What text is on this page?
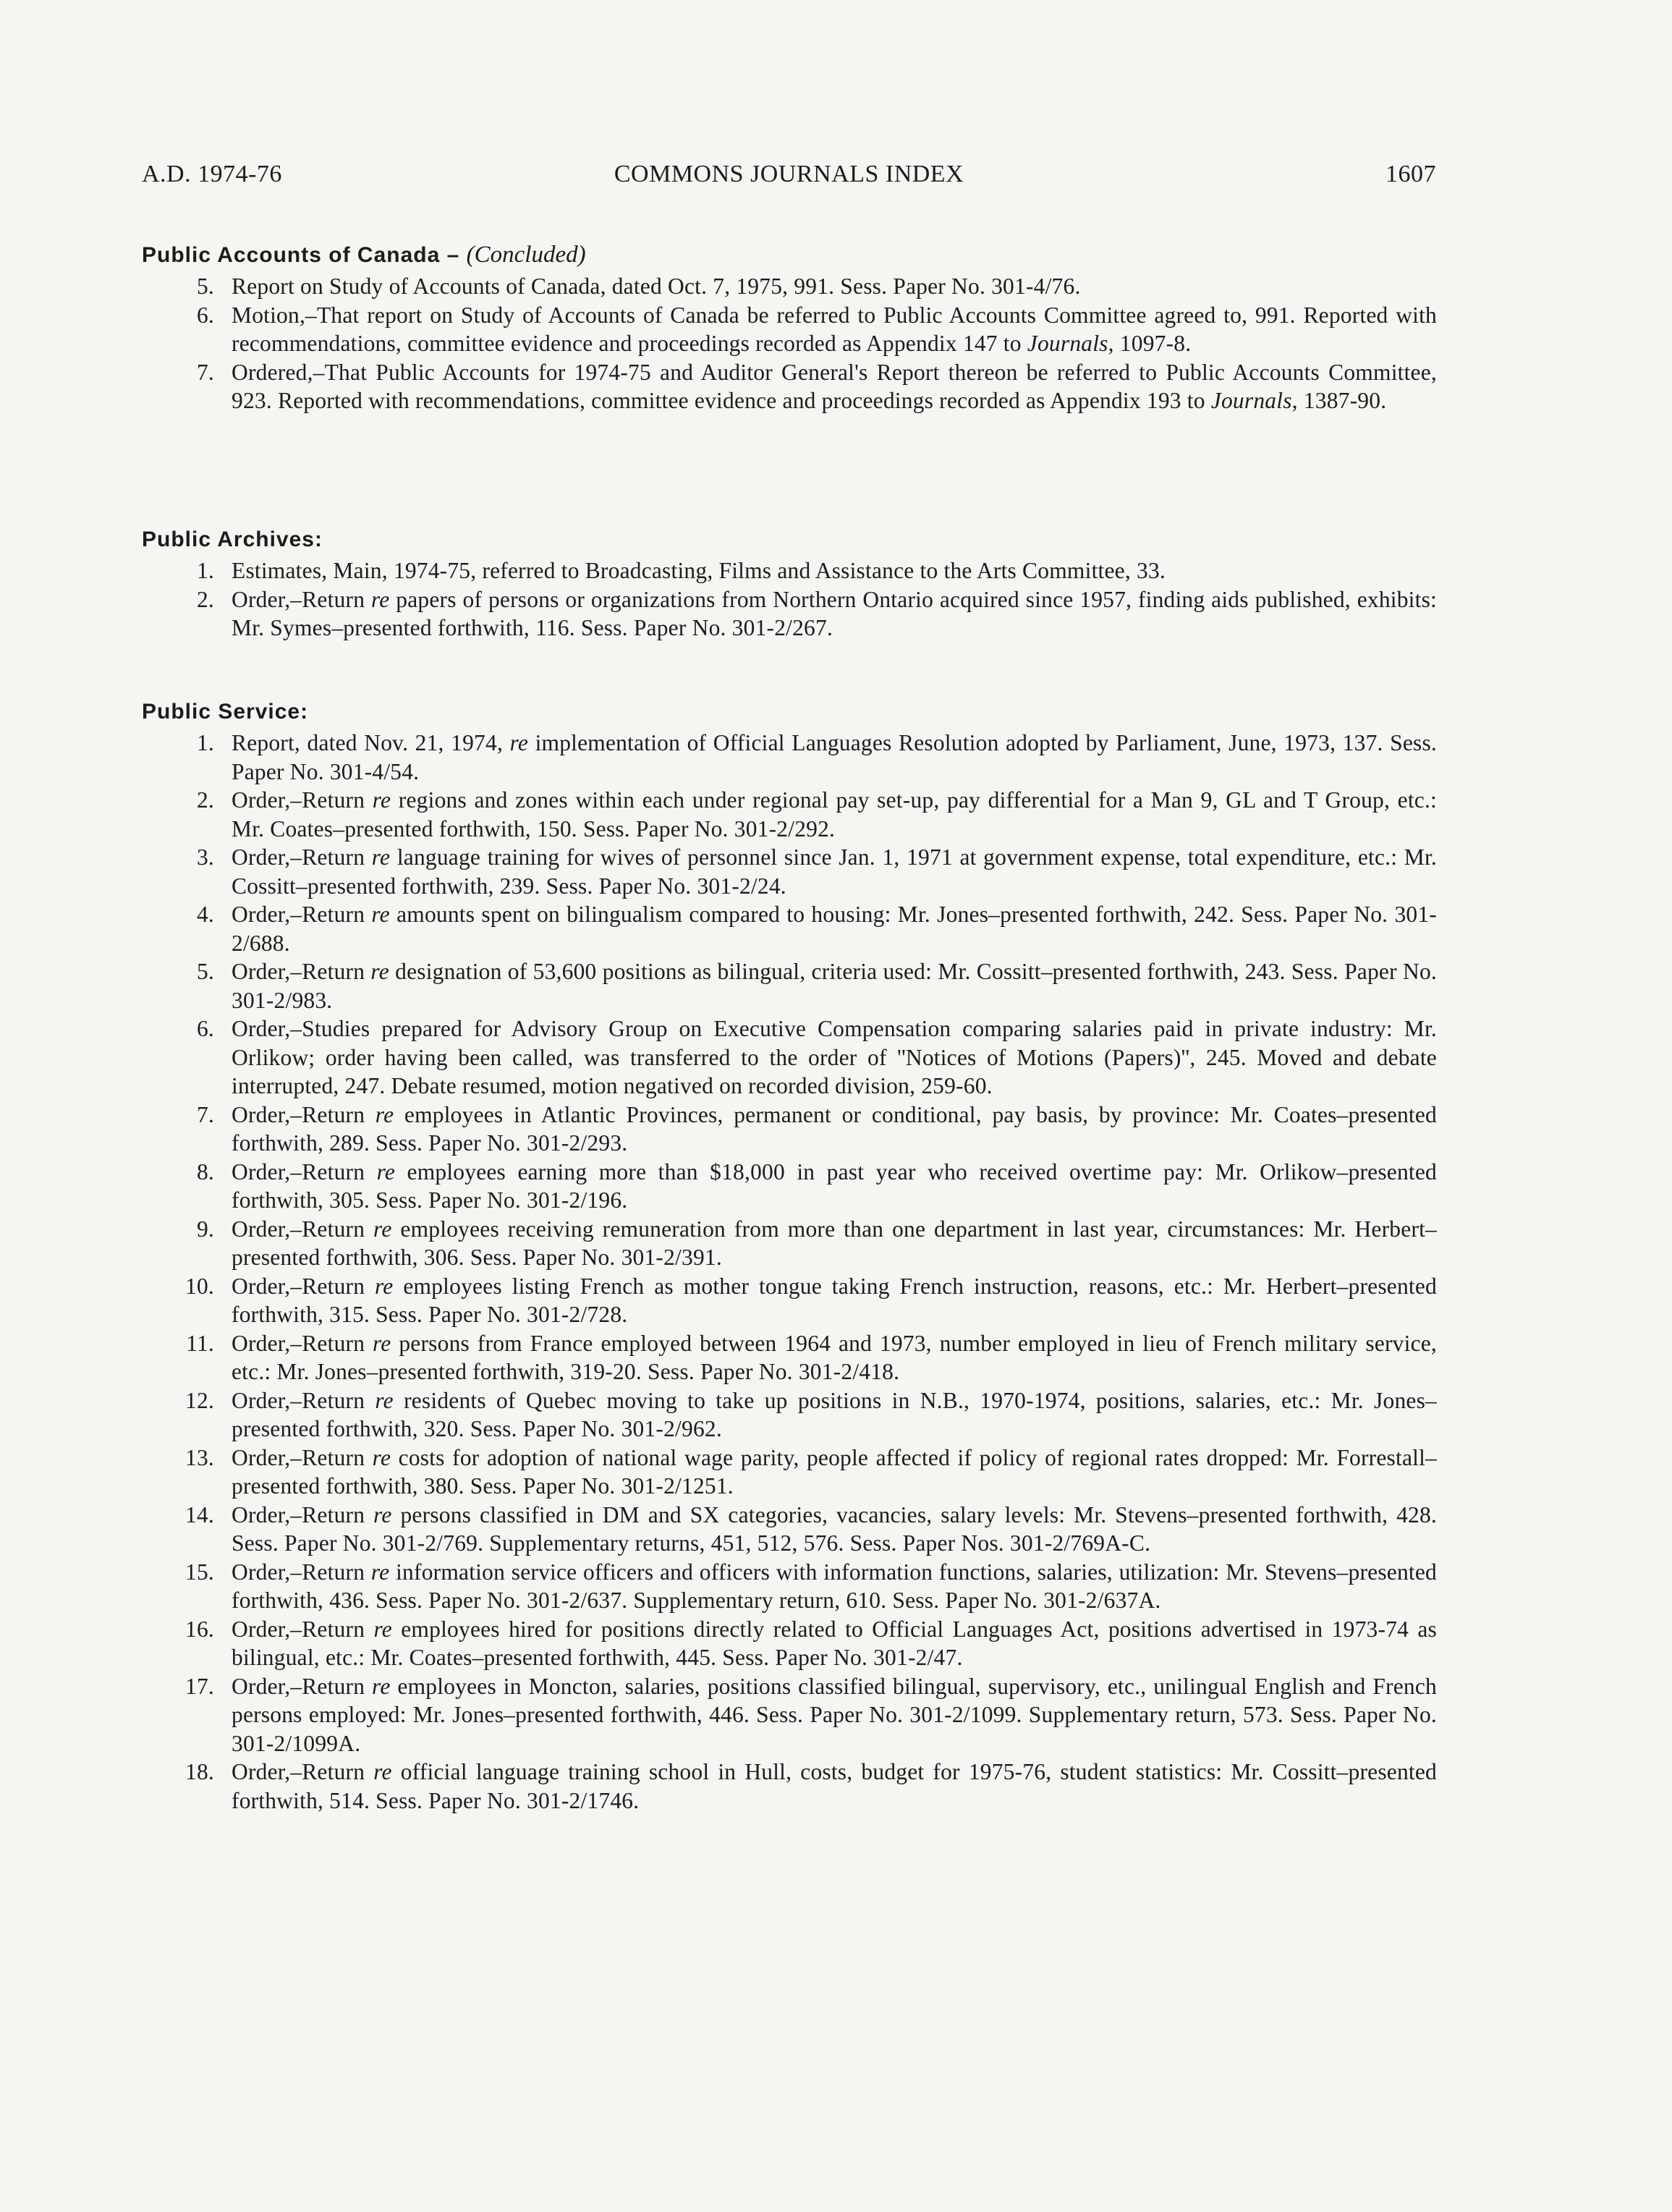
A.D. 1974-76	COMMONS JOURNALS INDEX	1607
Public Accounts of Canada – (Concluded)
5. Report on Study of Accounts of Canada, dated Oct. 7, 1975, 991. Sess. Paper No. 301-4/76.
6. Motion,–That report on Study of Accounts of Canada be referred to Public Accounts Committee agreed to, 991. Reported with recommendations, committee evidence and proceedings recorded as Appendix 147 to Journals, 1097-8.
7. Ordered,–That Public Accounts for 1974-75 and Auditor General's Report thereon be referred to Public Accounts Committee, 923. Reported with recommendations, committee evidence and proceedings recorded as Appendix 193 to Journals, 1387-90.
Public Archives:
1. Estimates, Main, 1974-75, referred to Broadcasting, Films and Assistance to the Arts Committee, 33.
2. Order,–Return re papers of persons or organizations from Northern Ontario acquired since 1957, finding aids published, exhibits: Mr. Symes–presented forthwith, 116. Sess. Paper No. 301-2/267.
Public Service:
1. Report, dated Nov. 21, 1974, re implementation of Official Languages Resolution adopted by Parliament, June, 1973, 137. Sess. Paper No. 301-4/54.
2. Order,–Return re regions and zones within each under regional pay set-up, pay differential for a Man 9, GL and T Group, etc.: Mr. Coates–presented forthwith, 150. Sess. Paper No. 301-2/292.
3. Order,–Return re language training for wives of personnel since Jan. 1, 1971 at government expense, total expenditure, etc.: Mr. Cossitt–presented forthwith, 239. Sess. Paper No. 301-2/24.
4. Order,–Return re amounts spent on bilingualism compared to housing: Mr. Jones–presented forthwith, 242. Sess. Paper No. 301-2/688.
5. Order,–Return re designation of 53,600 positions as bilingual, criteria used: Mr. Cossitt–presented forthwith, 243. Sess. Paper No. 301-2/983.
6. Order,–Studies prepared for Advisory Group on Executive Compensation comparing salaries paid in private industry: Mr. Orlikow; order having been called, was transferred to the order of ''Notices of Motions (Papers)'', 245. Moved and debate interrupted, 247. Debate resumed, motion negatived on recorded division, 259-60.
7. Order,–Return re employees in Atlantic Provinces, permanent or conditional, pay basis, by province: Mr. Coates–presented forthwith, 289. Sess. Paper No. 301-2/293.
8. Order,–Return re employees earning more than $18,000 in past year who received overtime pay: Mr. Orlikow–presented forthwith, 305. Sess. Paper No. 301-2/196.
9. Order,–Return re employees receiving remuneration from more than one department in last year, circumstances: Mr. Herbert–presented forthwith, 306. Sess. Paper No. 301-2/391.
10. Order,–Return re employees listing French as mother tongue taking French instruction, reasons, etc.: Mr. Herbert–presented forthwith, 315. Sess. Paper No. 301-2/728.
11. Order,–Return re persons from France employed between 1964 and 1973, number employed in lieu of French military service, etc.: Mr. Jones–presented forthwith, 319-20. Sess. Paper No. 301-2/418.
12. Order,–Return re residents of Quebec moving to take up positions in N.B., 1970-1974, positions, salaries, etc.: Mr. Jones–presented forthwith, 320. Sess. Paper No. 301-2/962.
13. Order,–Return re costs for adoption of national wage parity, people affected if policy of regional rates dropped: Mr. Forrestall–presented forthwith, 380. Sess. Paper No. 301-2/1251.
14. Order,–Return re persons classified in DM and SX categories, vacancies, salary levels: Mr. Stevens–presented forthwith, 428. Sess. Paper No. 301-2/769. Supplementary returns, 451, 512, 576. Sess. Paper Nos. 301-2/769A-C.
15. Order,–Return re information service officers and officers with information functions, salaries, utilization: Mr. Stevens–presented forthwith, 436. Sess. Paper No. 301-2/637. Supplementary return, 610. Sess. Paper No. 301-2/637A.
16. Order,–Return re employees hired for positions directly related to Official Languages Act, positions advertised in 1973-74 as bilingual, etc.: Mr. Coates–presented forthwith, 445. Sess. Paper No. 301-2/47.
17. Order,–Return re employees in Moncton, salaries, positions classified bilingual, supervisory, etc., unilingual English and French persons employed: Mr. Jones–presented forthwith, 446. Sess. Paper No. 301-2/1099. Supplementary return, 573. Sess. Paper No. 301-2/1099A.
18. Order,–Return re official language training school in Hull, costs, budget for 1975-76, student statistics: Mr. Cossitt–presented forthwith, 514. Sess. Paper No. 301-2/1746.
